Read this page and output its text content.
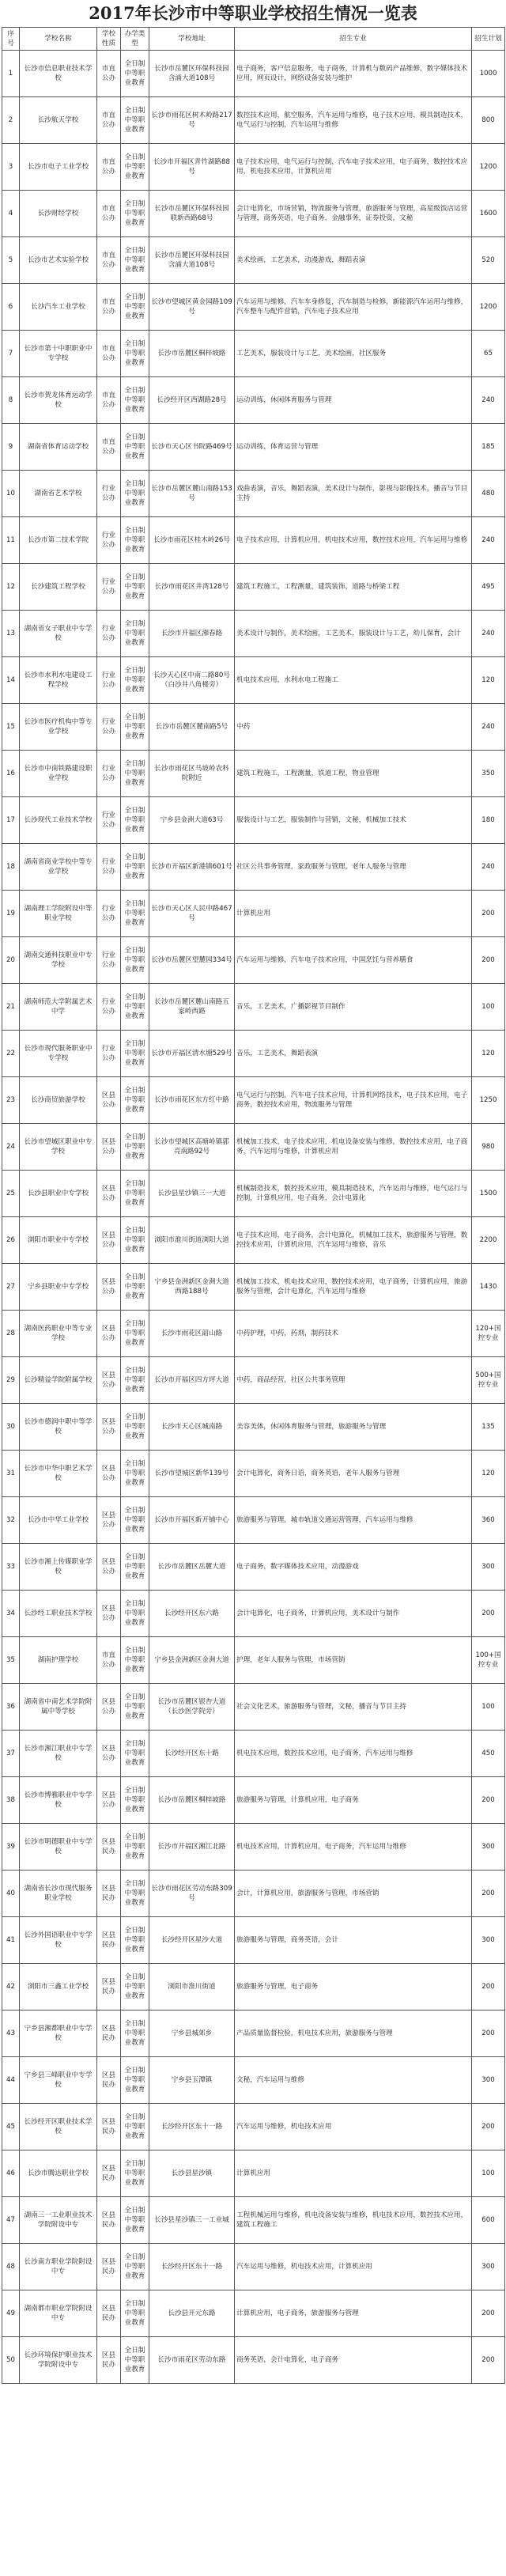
2017年长沙市中等职业学校招生情况一览表
序号	学校名称	学校性质	办学类型	学校地址	招生专业	招生计划
1	长沙市信息职业技术学校	市直公办	全日制中等职业教育	长沙市岳麓区环保科技园含浦大道108号	电子商务，客户信息服务，电子商务，计算机与数码产品维修，数字媒体技术应用，网页设计，网络设备安装与维护	1000
2	长沙航天学校	市直公办	全日制中等职业教育	长沙市雨花区树木岭路217号	数控技术应用，航空服务，汽车运用与维修，电子技术应用，模具制造技术，电气运行与控制，汽车运用与维修	800
3	长沙市电子工业学校	市直公办	全日制中等职业教育	长沙市开福区青竹湖路88号	电子技术应用，电气运行与控制，汽车电子技术应用，电子商务，数控技术应用，机电技术应用，计算机应用	1200
4	长沙财经学校	市直公办	全日制中等职业教育	长沙市岳麓区环保科技园联新西路68号	会计电算化，市场营销，物流服务与管理，旅游服务与管理，高星级饭店运营与管理，商务英语，电子商务，金融事务，证券投资，文秘	1600
5	长沙市艺术实验学校	市直公办	全日制中等职业教育	长沙市岳麓区环保科技园含浦大道108号	美术绘画，工艺美术，动漫游戏，舞蹈表演	520
6	长沙汽车工业学校	市直公办	全日制中等职业教育	长沙市望城区黄金园路109号	汽车运用与维修，汽车车身修复，汽车制造与检修，新能源汽车运用与维修，汽车整车与配件营销，汽车电子技术应用	1200
7	长沙市第十中职职业中专学校	市直公办	全日制中等职业教育	长沙市岳麓区桐梓坡路	工艺美术，服装设计与工艺，美术绘画，社区服务	65
8	长沙市贺龙体育运动学校	市直公办	全日制中等职业教育	长沙经开区西湖路28号	运动训练，休闲体育服务与管理	240
9	湖南省体育运动学校	市直公办	全日制中等职业教育	长沙市天心区书院路469号	运动训练，体育运营与管理	185
10	湖南省艺术学校	行业公办	全日制中等职业教育	长沙市岳麓区麓山南路153号	戏曲表演，音乐，舞蹈表演，美术设计与制作，影视与影像技术，播音与节目主持	480
11	长沙市第二技术学院	行业公办	全日制中等职业教育	长沙市雨花区桂木岭26号	电子技术应用，计算机应用，机电技术应用，数控技术应用，汽车运用与维修	240
12	长沙建筑工程学校	行业公办	全日制中等职业教育	长沙市雨花区井湾128号	建筑工程施工，工程测量，建筑装饰，道路与桥梁工程	495
13	湖南省女子职业中专学校	行业公办	全日制中等职业教育	长沙市开福区湘春路	美术设计与制作，美术绘画，工艺美术，服装设计与工艺，幼儿保育，会计	240
14	长沙市水利水电建设工程学校	行业公办	全日制中等职业教育	长沙天心区中南二路80号（白沙井八角楼旁）	机电技术应用，水利水电工程施工	120
15	长沙市医疗机构中等专业学校	行业公办	全日制中等职业教育	长沙市岳麓区麓南路5号	中药	240
16	长沙市中南铁路建设职业学校	行业公办	全日制中等职业教育	长沙市雨花区马坡岭农科院附近	建筑工程施工，工程测量，铁道工程，物业管理	350
17	长沙现代工业技术学校	行业公办	全日制中等职业教育	宁乡县金洲大道63号	服装设计与工艺，服装制作与营销，文秘，机械加工技术	180
18	湖南省商业学校中等专业学校	行业公办	全日制中等职业教育	长沙市开福区新港镇601号	社区公共事务管理，家政服务与管理，老年人服务与管理	240
19	湖南理工学院附设中等职业学校	行业公办	全日制中等职业教育	长沙市天心区人民中路467号	计算机应用	200
20	湖南交通科技职业中专学校	行业公办	全日制中等职业教育	长沙市岳麓区望麓园334号	汽车运用与维修，汽车电子技术应用，中国烹饪与营养膳食	200
21	湖南师范大学附属艺术中学	行业公办	全日制中等职业教育	长沙市岳麓区麓山南路五家岭西路	音乐，工艺美术，广播影视节目制作	100
22	长沙市现代服务职业中专学校	行业公办	全日制中等职业教育	长沙市开福区清水塘529号	音乐，工艺美术，舞蹈表演	120
23	长沙商贸旅游学校	区县公办	全日制中等职业教育	长沙市雨花区东方红中路	电气运行与控制，汽车电子技术应用，计算机网络技术，电子技术应用，电子商务，数控技术应用，物流服务与管理	1250
24	长沙市望城区职业中专学校	区县公办	全日制中等职业教育	长沙市望城区高塘岭镇郭亮南路92号	机械加工技术，电子技术应用，机电设备安装与维修，数控技术应用，电子商务，汽车运用与维修，计算机应用	980
25	长沙县职业中专学校	区县公办	全日制中等职业教育	长沙县星沙镇三一大道	机械制造技术，数控技术应用，模具制造技术，汽车运用与维修，电气运行与控制，计算机应用，电子商务，会计电算化	1500
26	浏阳市职业中专学校	区县公办	全日制中等职业教育	浏阳市淮川街道浏阳大道	电子技术应用，电子商务，会计电算化，机械加工技术，旅游服务与管理，数控技术应用，计算机应用，汽车运用与维修，音乐	2200
27	宁乡县职业中专学校	区县公办	全日制中等职业教育	宁乡县金洲新区金洲大道西路188号	机械加工技术，机电技术应用，数控技术应用，电子商务，计算机应用，旅游服务与管理，会计电算化，汽车运用与维修	1430
28	湖南医药职业中等专业学校	区县公办	全日制中等职业教育	长沙市雨花区韶山路	中药护理，中药，药剂，制药技术	120+国控专业
29	长沙精益学院附属学校	区县公办	全日制中等职业教育	长沙市开福区四方坪大道	中药，商品经营，社区公共事务管理	500+国控专业
30	长沙市德润中职中等学校	区县公办	全日制中等职业教育	长沙市天心区城南路	美容美体，休闲体育服务与管理，旅游服务与管理	135
31	长沙市中华中职艺术学校	区县公办	全日制中等职业教育	长沙市望城区新华139号	会计电算化，商务日语，商务英语，老年人服务与管理	120
32	长沙市中华工业学校	区县公办	全日制中等职业教育	长沙市开福区新开铺中心	旅游服务与管理，城市轨道交通运营管理，汽车运用与维修	360
33	长沙市湘上传媒职业学校	区县公办	全日制中等职业教育	长沙市岳麓区岳麓大道	电子商务，数字媒体技术应用，动漫游戏	300
34	长沙经工职业技术学校	区县公办	全日制中等职业教育	长沙经开区东六路	会计电算化，电子商务，计算机应用，美术设计与制作	200
35	湖南护理学校	市直公办	全日制中等职业教育	宁乡县金洲新区金洲大道	护理，老年人服务与管理，市场营销	100+国控专业
36	湖南省中南艺术学院附属中等学校	区县公办	全日制中等职业教育	长沙市岳麓区银杏大道（长沙医学院旁）	社会文化艺术，旅游服务与管理，文秘，播音与节目主持	100
37	长沙市湘江职业中专学校	区县公办	全日制中等职业教育	长沙经开区东十路	机电技术应用，数控技术应用，电子商务，汽车运用与维修	450
38	长沙市博雅职业中专学校	区县公办	全日制中等职业教育	长沙市岳麓区桐梓坡路	旅游服务与管理，计算机应用，电子商务	200
39	长沙市明德职业中专学校	区县民办	全日制中等职业教育	长沙市开福区湘江北路	机电技术应用，计算机应用，电子商务，汽车运用与维修	300
40	湖南省长沙市现代服务职业学校	区县民办	全日制中等职业教育	长沙市雨花区劳动东路309号	会计，计算机应用，旅游服务与管理，市场营销	200
41	长沙外国语职业中专学校	区县民办	全日制中等职业教育	长沙经开区星沙大道	旅游服务与管理，商务英语，会计	300
42	浏阳市三鑫工业学校	区县民办	全日制中等职业教育	浏阳市淮川街道	旅游服务与管理，电子商务	200
43	宁乡县湘都职业中专学校	区县民办	全日制中等职业教育	宁乡县城郊乡	产品质量监督检验，机电技术应用，旅游服务与管理	200
44	宁乡县三峰职业中专学校	区县民办	全日制中等职业教育	宁乡县玉潭镇	文秘，汽车运用与维修	300
45	长沙经开区职业技术学校	区县民办	全日制中等职业教育	长沙经开区东十一路	汽车运用与维修，机电技术应用	200
46	长沙市腾达职业学校	区县民办	全日制中等职业教育	长沙县星沙镇	计算机应用	100
47	湖南三一工业职业技术学院附设中专	区县民办	全日制中等职业教育	长沙县星沙镇三一工业城	工程机械运用与维修，机电设备安装与维修，机电技术应用，数控技术应用，建筑工程施工	600
48	长沙南方职业学院附设中专	区县民办	全日制中等职业教育	长沙经开区东十一路	汽车运用与维修，机电技术应用，计算机应用	300
49	湖南都市职业学院附设中专	区县民办	全日制中等职业教育	长沙县开元东路	计算机应用，电子商务，旅游服务与管理	200
50	长沙环境保护职业技术学院附设中专	区县民办	全日制中等职业教育	长沙市雨花区劳动东路	商务英语，会计电算化，电子商务	200
